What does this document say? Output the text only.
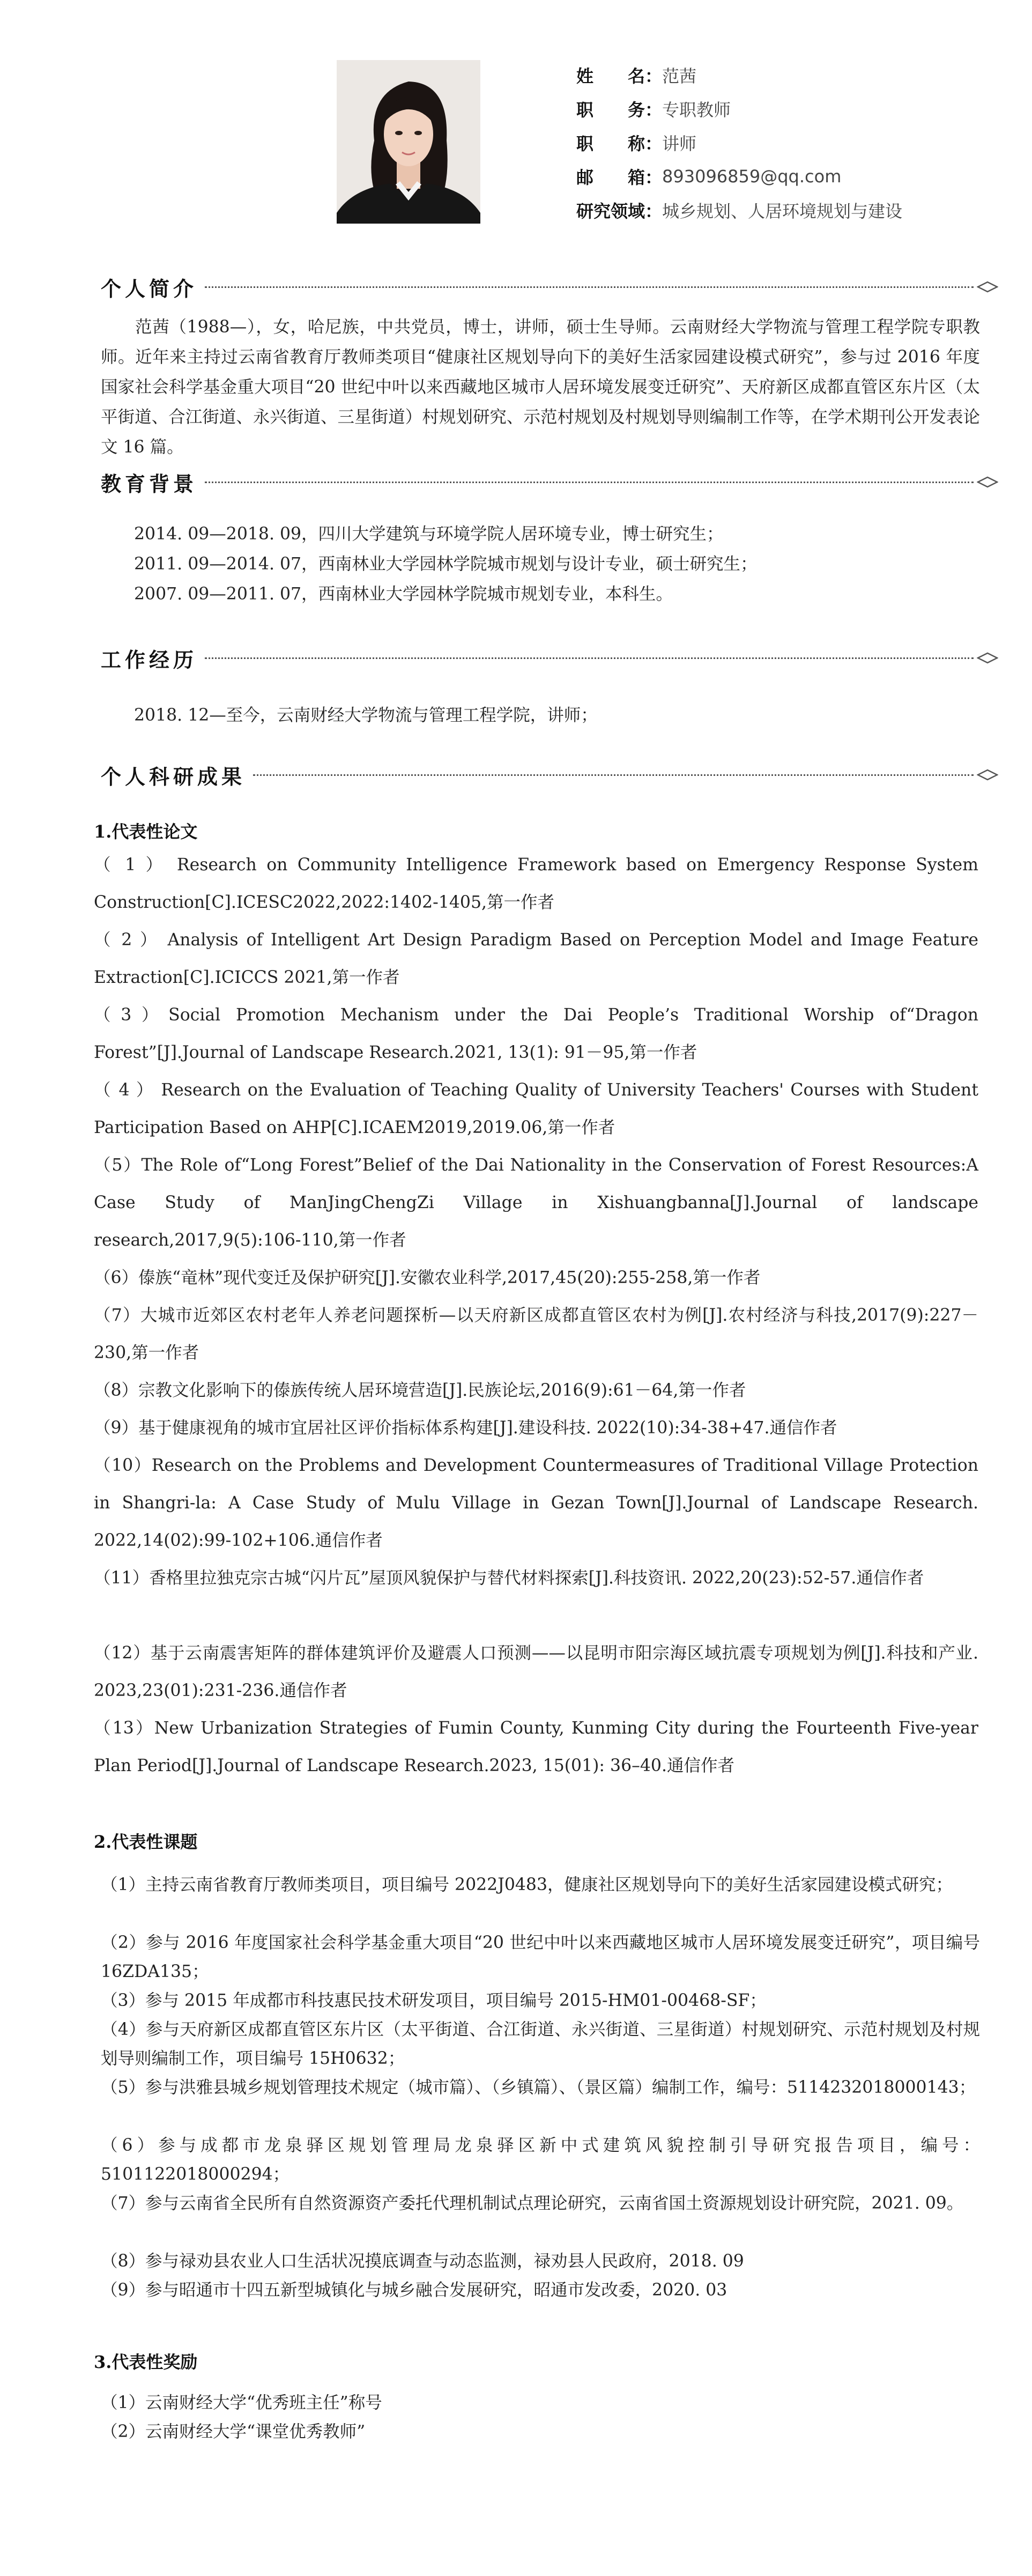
姓　　名： 范茜
职　　务： 专职教师
职　　称： 讲师
邮　　箱： 893096859@qq.com
研究领域： 城乡规划、人居环境规划与建设
个人简介
范茜（1988—），女，哈尼族，中共党员，博士，讲师，硕士生导师。云南财经大学物流与管理工程学院专职教师。近年来主持过云南省教育厅教师类项目“健康社区规划导向下的美好生活家园建设模式研究”，参与过 2016 年度国家社会科学基金重大项目“20 世纪中叶以来西藏地区城市人居环境发展变迁研究”、天府新区成都直管区东片区（太平街道、合江街道、永兴街道、三星街道）村规划研究、示范村规划及村规划导则编制工作等，在学术期刊公开发表论文 16 篇。
教育背景
2014. 09—2018. 09，四川大学建筑与环境学院人居环境专业，博士研究生；
2011. 09—2014. 07，西南林业大学园林学院城市规划与设计专业，硕士研究生；
2007. 09—2011. 07，西南林业大学园林学院城市规划专业，本科生。
工作经历
2018. 12—至今，云南财经大学物流与管理工程学院，讲师；
个人科研成果
1.代表性论文
（ 1 ） Research on Community Intelligence Framework based on Emergency Response System Construction[C].ICESC2022,2022:1402-1405,第一作者
（ 2 ） Analysis of Intelligent Art Design Paradigm Based on Perception Model and Image Feature Extraction[C].ICICCS 2021,第一作者
（3）Social Promotion Mechanism under the Dai People’s Traditional Worship of“Dragon Forest”[J].Journal of Landscape Research.2021, 13(1): 91－95,第一作者
（ 4 ） Research on the Evaluation of Teaching Quality of University Teachers' Courses with Student Participation Based on AHP[C].ICAEM2019,2019.06,第一作者
（5）The Role of“Long Forest”Belief of the Dai Nationality in the Conservation of Forest Resources:A Case Study of ManJingChengZi Village in Xishuangbanna[J].Journal of landscape research,2017,9(5):106-110,第一作者
（6）傣族“竜林”现代变迁及保护研究[J].安徽农业科学,2017,45(20):255-258,第一作者
（7）大城市近郊区农村老年人养老问题探析—以天府新区成都直管区农村为例[J].农村经济与科技,2017(9):227－230,第一作者
（8）宗教文化影响下的傣族传统人居环境营造[J].民族论坛,2016(9):61－64,第一作者
（9）基于健康视角的城市宜居社区评价指标体系构建[J].建设科技. 2022(10):34-38+47.通信作者
（10）Research on the Problems and Development Countermeasures of Traditional Village Protection in Shangri-la: A Case Study of Mulu Village in Gezan Town[J].Journal of Landscape Research. 2022,14(02):99-102+106.通信作者
（11）香格里拉独克宗古城“闪片瓦”屋顶风貌保护与替代材料探索[J].科技资讯. 2022,20(23):52-57.通信作者
（12）基于云南震害矩阵的群体建筑评价及避震人口预测——以昆明市阳宗海区域抗震专项规划为例[J].科技和产业. 2023,23(01):231-236.通信作者
（13）New Urbanization Strategies of Fumin County, Kunming City during the Fourteenth Five-year Plan Period[J].Journal of Landscape Research.2023, 15(01): 36–40.通信作者
2.代表性课题
（1）主持云南省教育厅教师类项目，项目编号 2022J0483，健康社区规划导向下的美好生活家园建设模式研究；
（2）参与 2016 年度国家社会科学基金重大项目“20 世纪中叶以来西藏地区城市人居环境发展变迁研究”，项目编号 16ZDA135；
（3）参与 2015 年成都市科技惠民技术研发项目，项目编号 2015-HM01-00468-SF；
（4）参与天府新区成都直管区东片区（太平街道、合江街道、永兴街道、三星街道）村规划研究、示范村规划及村规划导则编制工作，项目编号 15H0632；
（5）参与洪雅县城乡规划管理技术规定（城市篇）、（乡镇篇）、（景区篇）编制工作，编号：5114232018000143；
（6）参与成都市龙泉驿区规划管理局龙泉驿区新中式建筑风貌控制引导研究报告项目，编号：5101122018000294；
（7）参与云南省全民所有自然资源资产委托代理机制试点理论研究，云南省国土资源规划设计研究院，2021. 09。
（8）参与禄劝县农业人口生活状况摸底调查与动态监测，禄劝县人民政府，2018. 09
（9）参与昭通市十四五新型城镇化与城乡融合发展研究，昭通市发改委，2020. 03
3.代表性奖励
（1）云南财经大学“优秀班主任”称号
（2）云南财经大学“课堂优秀教师”
